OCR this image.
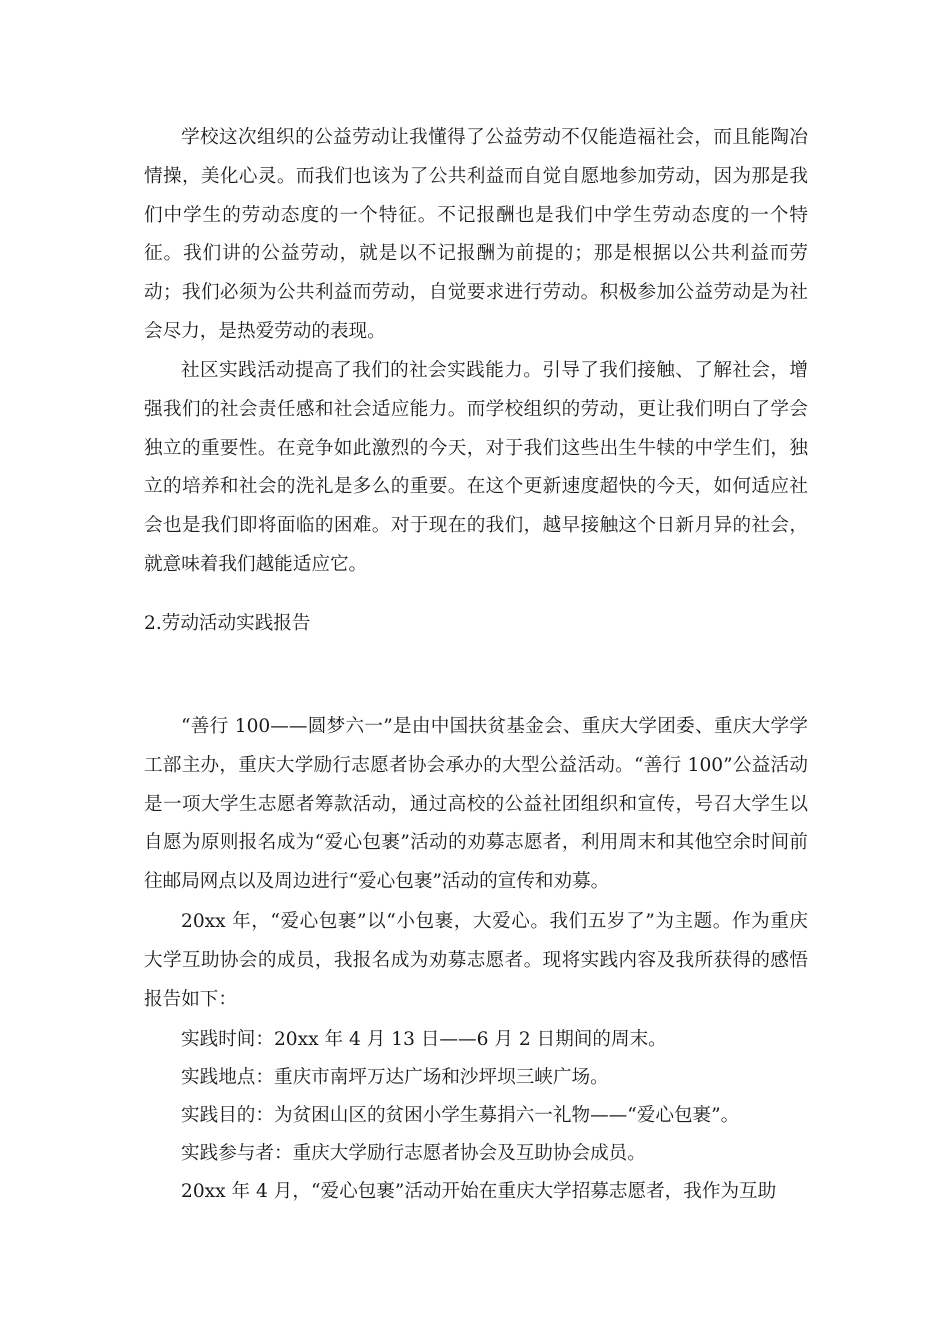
学校这次组织的公益劳动让我懂得了公益劳动不仅能造福社会，而且能陶冶情操，美化心灵。而我们也该为了公共利益而自觉自愿地参加劳动，因为那是我们中学生的劳动态度的一个特征。不记报酬也是我们中学生劳动态度的一个特征。我们讲的公益劳动，就是以不记报酬为前提的；那是根据以公共利益而劳动；我们必须为公共利益而劳动，自觉要求进行劳动。积极参加公益劳动是为社会尽力，是热爱劳动的表现。

社区实践活动提高了我们的社会实践能力。引导了我们接触、了解社会，增强我们的社会责任感和社会适应能力。而学校组织的劳动，更让我们明白了学会独立的重要性。在竞争如此激烈的今天，对于我们这些出生牛犊的中学生们，独立的培养和社会的洗礼是多么的重要。在这个更新速度超快的今天，如何适应社会也是我们即将面临的困难。对于现在的我们，越早接触这个日新月异的社会，就意味着我们越能适应它。

2.劳动活动实践报告

“善行 100——圆梦六一”是由中国扶贫基金会、重庆大学团委、重庆大学学工部主办，重庆大学励行志愿者协会承办的大型公益活动。“善行 100”公益活动是一项大学生志愿者筹款活动，通过高校的公益社团组织和宣传，号召大学生以自愿为原则报名成为“爱心包裹”活动的劝募志愿者，利用周末和其他空余时间前往邮局网点以及周边进行“爱心包裹”活动的宣传和劝募。

20xx 年，“爱心包裹”以“小包裹，大爱心。我们五岁了”为主题。作为重庆大学互助协会的成员，我报名成为劝募志愿者。现将实践内容及我所获得的感悟报告如下：

实践时间：20xx 年 4 月 13 日——6 月 2 日期间的周末。

实践地点：重庆市南坪万达广场和沙坪坝三峡广场。

实践目的：为贫困山区的贫困小学生募捐六一礼物——“爱心包裹”。

实践参与者：重庆大学励行志愿者协会及互助协会成员。

20xx 年 4 月，“爱心包裹”活动开始在重庆大学招募志愿者，我作为互助
